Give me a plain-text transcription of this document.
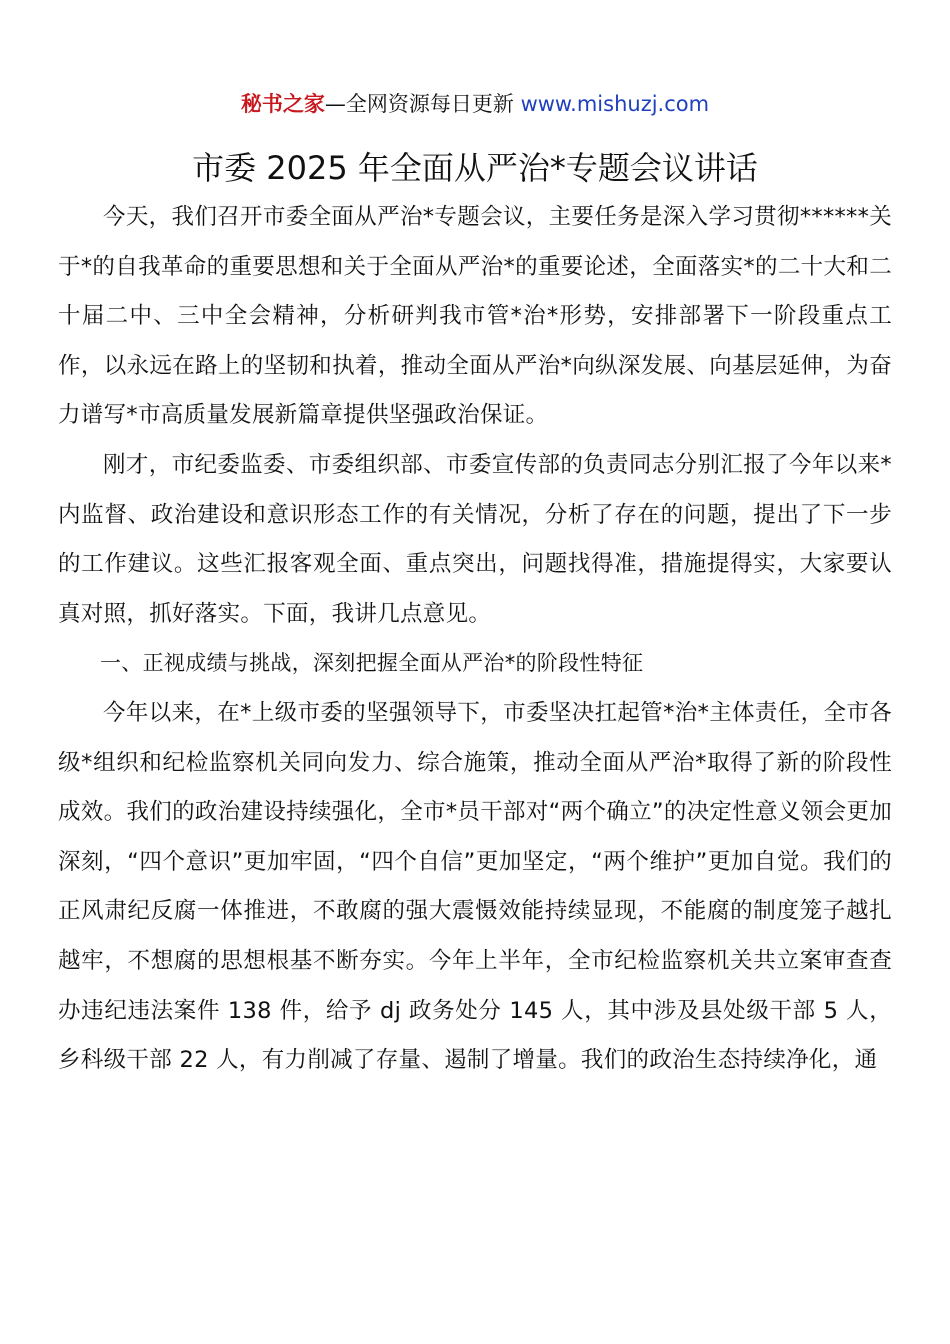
秘书之家—全网资源每日更新 www.mishuzj.com
市委 2025 年全面从严治*专题会议讲话

今天，我们召开市委全面从严治*专题会议，主要任务是深入学习贯彻******关于*的自我革命的重要思想和关于全面从严治*的重要论述，全面落实*的二十大和二十届二中、三中全会精神，分析研判我市管*治*形势，安排部署下一阶段重点工作，以永远在路上的坚韧和执着，推动全面从严治*向纵深发展、向基层延伸，为奋力谱写*市高质量发展新篇章提供坚强政治保证。

刚才，市纪委监委、市委组织部、市委宣传部的负责同志分别汇报了今年以来*内监督、政治建设和意识形态工作的有关情况，分析了存在的问题，提出了下一步的工作建议。这些汇报客观全面、重点突出，问题找得准，措施提得实，大家要认真对照，抓好落实。下面，我讲几点意见。

一、正视成绩与挑战，深刻把握全面从严治*的阶段性特征

今年以来，在*上级市委的坚强领导下，市委坚决扛起管*治*主体责任，全市各级*组织和纪检监察机关同向发力、综合施策，推动全面从严治*取得了新的阶段性成效。我们的政治建设持续强化，全市*员干部对“两个确立”的决定性意义领会更加深刻，“四个意识”更加牢固，“四个自信”更加坚定，“两个维护”更加自觉。我们的正风肃纪反腐一体推进，不敢腐的强大震慑效能持续显现，不能腐的制度笼子越扎越牢，不想腐的思想根基不断夯实。今年上半年，全市纪检监察机关共立案审查查办违纪违法案件 138 件，给予 dj 政务处分 145 人，其中涉及县处级干部 5 人，乡科级干部 22 人，有力削减了存量、遏制了增量。我们的政治生态持续净化，通
